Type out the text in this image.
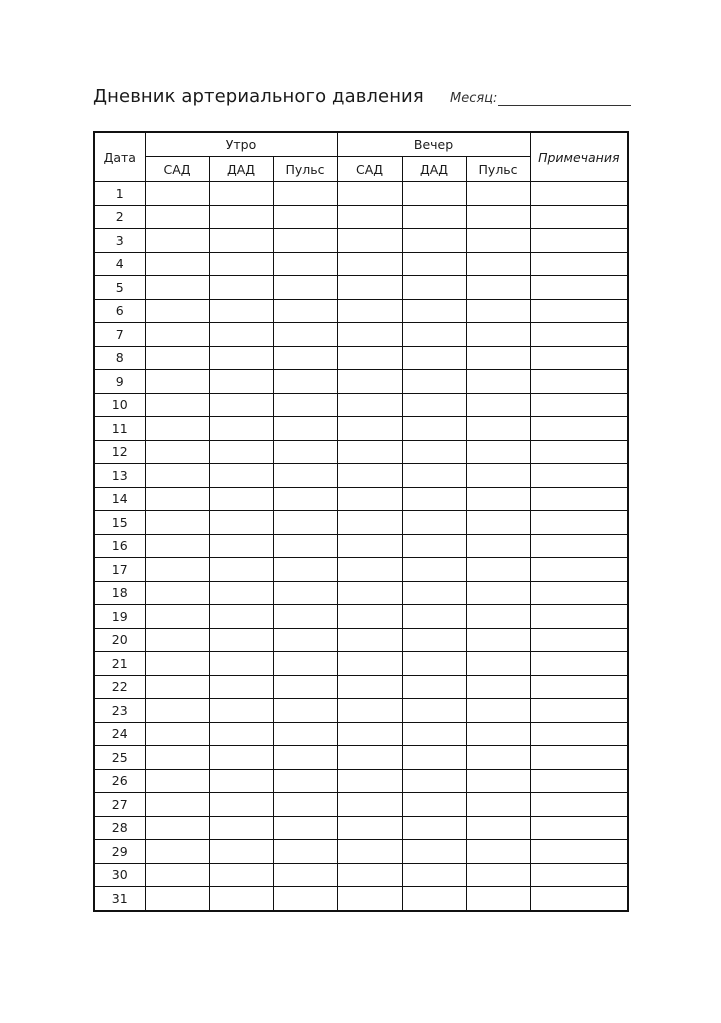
Дневник артериального давления Месяц:
Дата	Утро			Вечер			Примечания
	САД	ДАД	Пульс	САД	ДАД	Пульс	
1							
2							
3							
4							
5							
6							
7							
8							
9							
10							
11							
12							
13							
14							
15							
16							
17							
18							
19							
20							
21							
22							
23							
24							
25							
26							
27							
28							
29							
30							
31							
